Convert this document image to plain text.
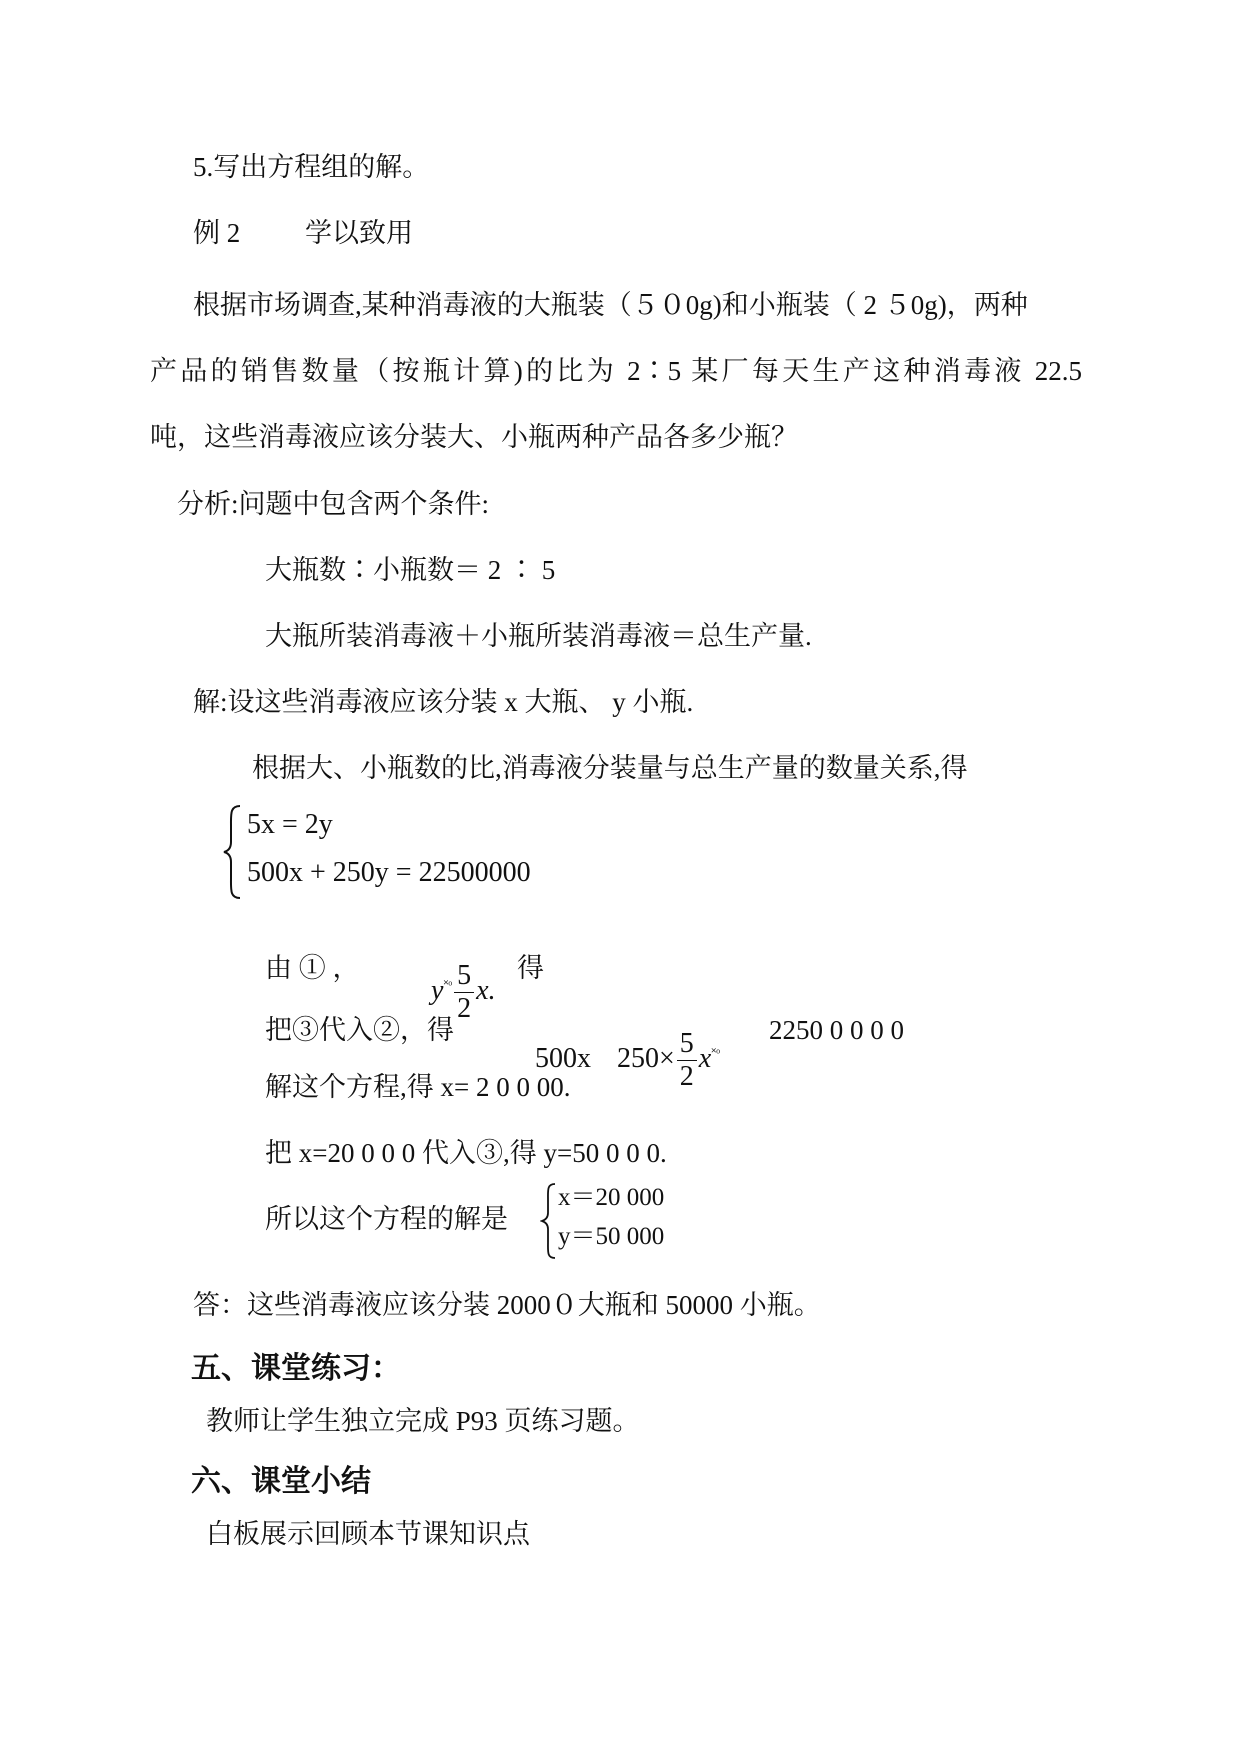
5.写出方程组的解。
例 2 学以致用
根据市场调查,某种消毒液的大瓶装（５０0g)和小瓶装（ 2 ５0g)，两种
产品的销售数量（按瓶计算)的比为 2∶5 某厂每天生产这种消毒液 22.5
吨，这些消毒液应该分装大、小瓶两种产品各多少瓶？
分析:问题中包含两个条件:
大瓶数∶小瓶数＝ 2 ∶ 5
大瓶所装消毒液＋小瓶所装消毒液＝总生产量.
解:设这些消毒液应该分装 x 大瓶、 y 小瓶.
根据大、小瓶数的比,消毒液分装量与总生产量的数量关系,得
5x = 2y
500x + 250y = 22500000
由 ① ，

$y^{˟ᵒ} \frac{5}{2} x$.

得
把③代入②，得

500x $250\times \frac{5}{2} x^{˟ᵒ}$

2250 0 0 0 0
解这个方程,得 x= 2 0 0 00.
把 x=20 0 0 0 代入③,得 y=50 0 0 0.
所以这个方程的解是
x＝20 000
y＝50 000
答：这些消毒液应该分装 2000０大瓶和 50000 小瓶。
五、课堂练习：
教师让学生独立完成 P93 页练习题。
六、课堂小结
白板展示回顾本节课知识点
